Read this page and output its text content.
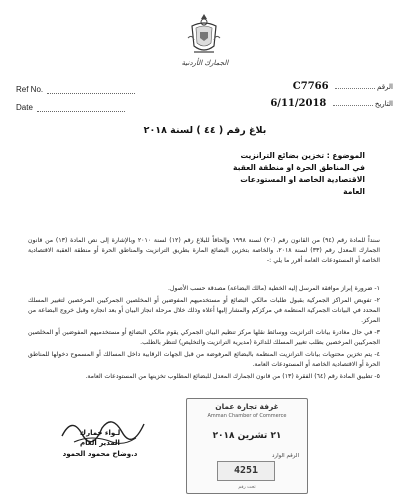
الجمارك الأردنية
Ref No.
Date
الرقم  C7766
التاريخ  6/11/2018
بلاغ رقم ( ٤٤ ) لسنة ٢٠١٨
الموضوع : تخزين بضائع الترانزيت
في المناطق الحرة او منطقة العقبة
الاقتصادية الخاصة او المستودعات
العامة

سنداً للمادة رقم (٩٤) من القانون رقم (٢٠) لسنة ١٩٩٨ وإلحاقاً للبلاغ رقم (١٢) لسنة ٢٠١٠ وبالإشارة إلى نص المادة (١٣) من قانون الجمارك المعدل رقم (٣٣) لسنة ٢٠١٨، والخاصة بتخزين البضائع المارة بطريق الترانزيت والمناطق الحرة أو منطقة العقبة الاقتصادية الخاصة أو المستودعات العامة أقرر ما يلي :-

١- ضرورة إبراز موافقة المرسل إليه الخطية (مالك البضاعة) مصدقة حسب الأصول.
٢- تفويض المراكز الجمركية بقبول طلبات مالكي البضائع أو مستخدميهم المفوضين أو المخلصين الجمركيين المرخصين لتغيير المسلك المحدد في البيانات الجمركية المنظمة في مركزكم والمشار إليها أعلاه وذلك خلال مرحلة انجاز البيان أو بعد انجازه وقبل خروج البضاعة من المركز.
٣- في حال مغادرة بيانات الترانزيت ووسائط نقلها مركز تنظيم البيان الجمركي يقوم مالكي البضائع أو مستخدميهم المفوضين أو المخلصين الجمركيين المرخصين بطلب تغيير المسلك للدائرة (مديرية الترانزيت والتخليص) لتنظر بالطلب.
٤- يتم تخزين محتويات بيانات الترانزيت المنظمة بالبضائع المرفوضة من قبل الجهات الرقابية داخل المسالك أو المسموح دخولها للمناطق الحرة أو الاقتصادية الخاصة أو المستودعات العامة.
٥- تطبيق المادة رقم (٦٤) الفقرة (١٣) من قانون الجمارك المعدل للبضائع المطلوب تخزينها من المستودعات العامة.
غرفة تجارة عمان
Amman Chamber of Commerce
٢١ تشرين ٢٠١٨
الرقم الوارد
4251
تحت رقم
لـواء جمارك
المدير العام
د.وضاح محمود الحمود
